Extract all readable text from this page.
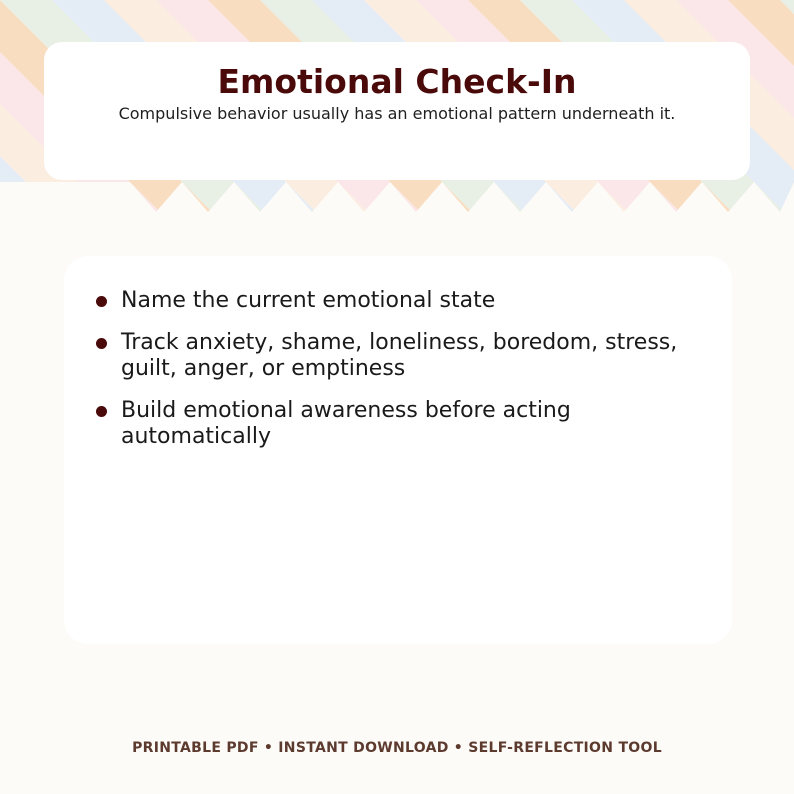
Emotional Check-In

Compulsive behavior usually has an emotional pattern underneath it.

Name the current emotional state
Track anxiety, shame, loneliness, boredom, stress, guilt, anger, or emptiness
Build emotional awareness before acting automatically
PRINTABLE PDF • INSTANT DOWNLOAD • SELF-REFLECTION TOOL
